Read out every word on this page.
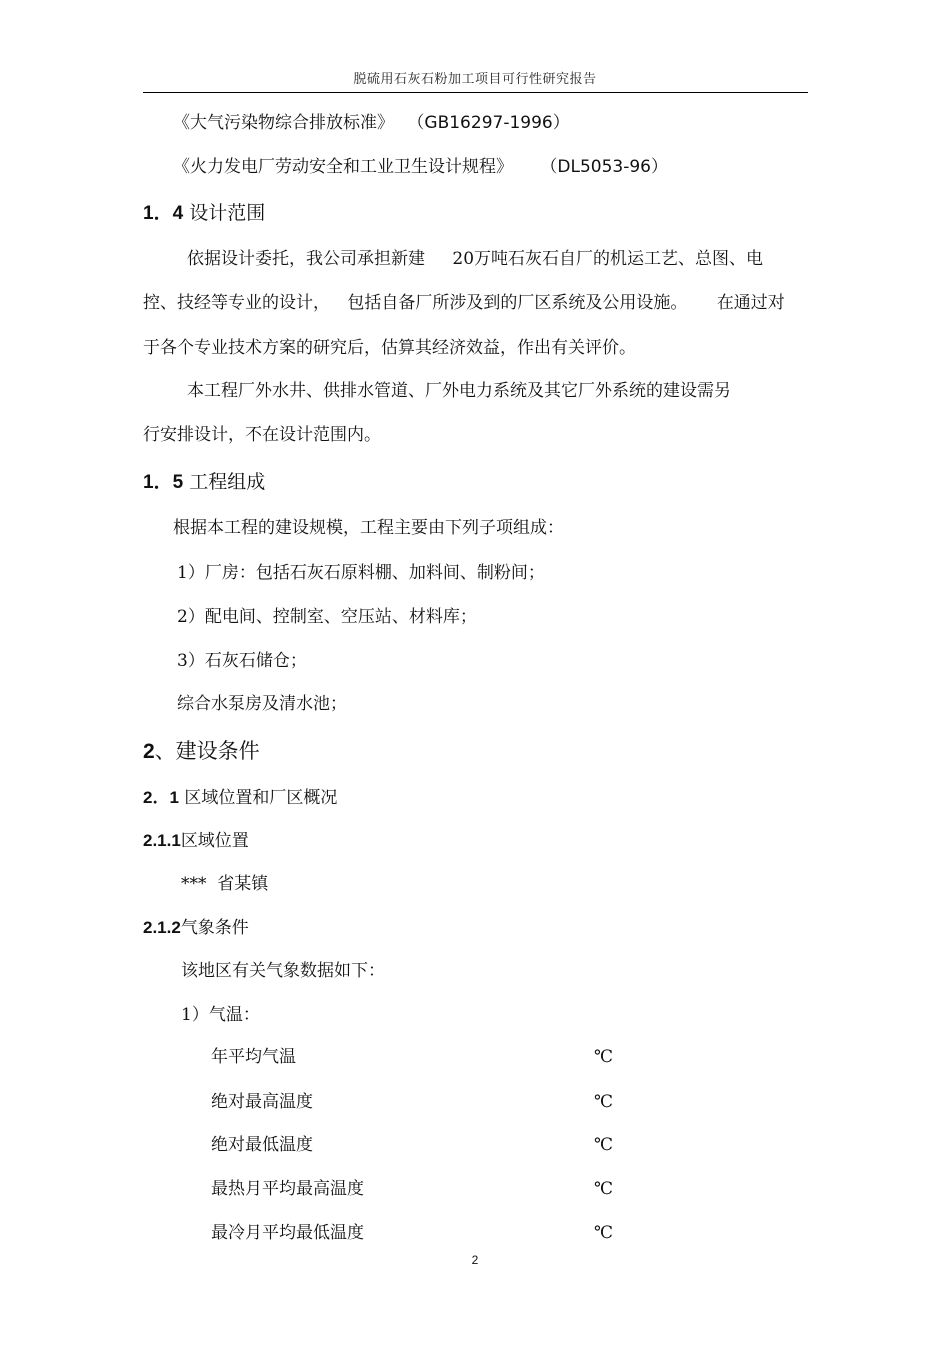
脱硫用石灰石粉加工项目可行性研究报告
《大气污染物综合排放标准》 （GB16297-1996）
《火力发电厂劳动安全和工业卫生设计规程》 （DL5053-96）
1．4 设计范围
依据设计委托，我公司承担新建 20万吨石灰石自厂的机运工艺、总图、电
控、技经等专业的设计， 包括自备厂所涉及到的厂区系统及公用设施。 在通过对
于各个专业技术方案的研究后，估算其经济效益，作出有关评价。
本工程厂外水井、供排水管道、厂外电力系统及其它厂外系统的建设需另
行安排设计，不在设计范围内。
1．5 工程组成
根据本工程的建设规模，工程主要由下列子项组成：
1）厂房：包括石灰石原料棚、加料间、制粉间；
2）配电间、控制室、空压站、材料库；
3）石灰石储仓；
综合水泵房及清水池；
2、建设条件
2．1 区域位置和厂区概况
2.1.1区域位置
***  省某镇
2.1.2气象条件
该地区有关气象数据如下：
1）气温：
年平均气温	℃
绝对最高温度	℃
绝对最低温度	℃
最热月平均最高温度	℃
最冷月平均最低温度	℃
2
